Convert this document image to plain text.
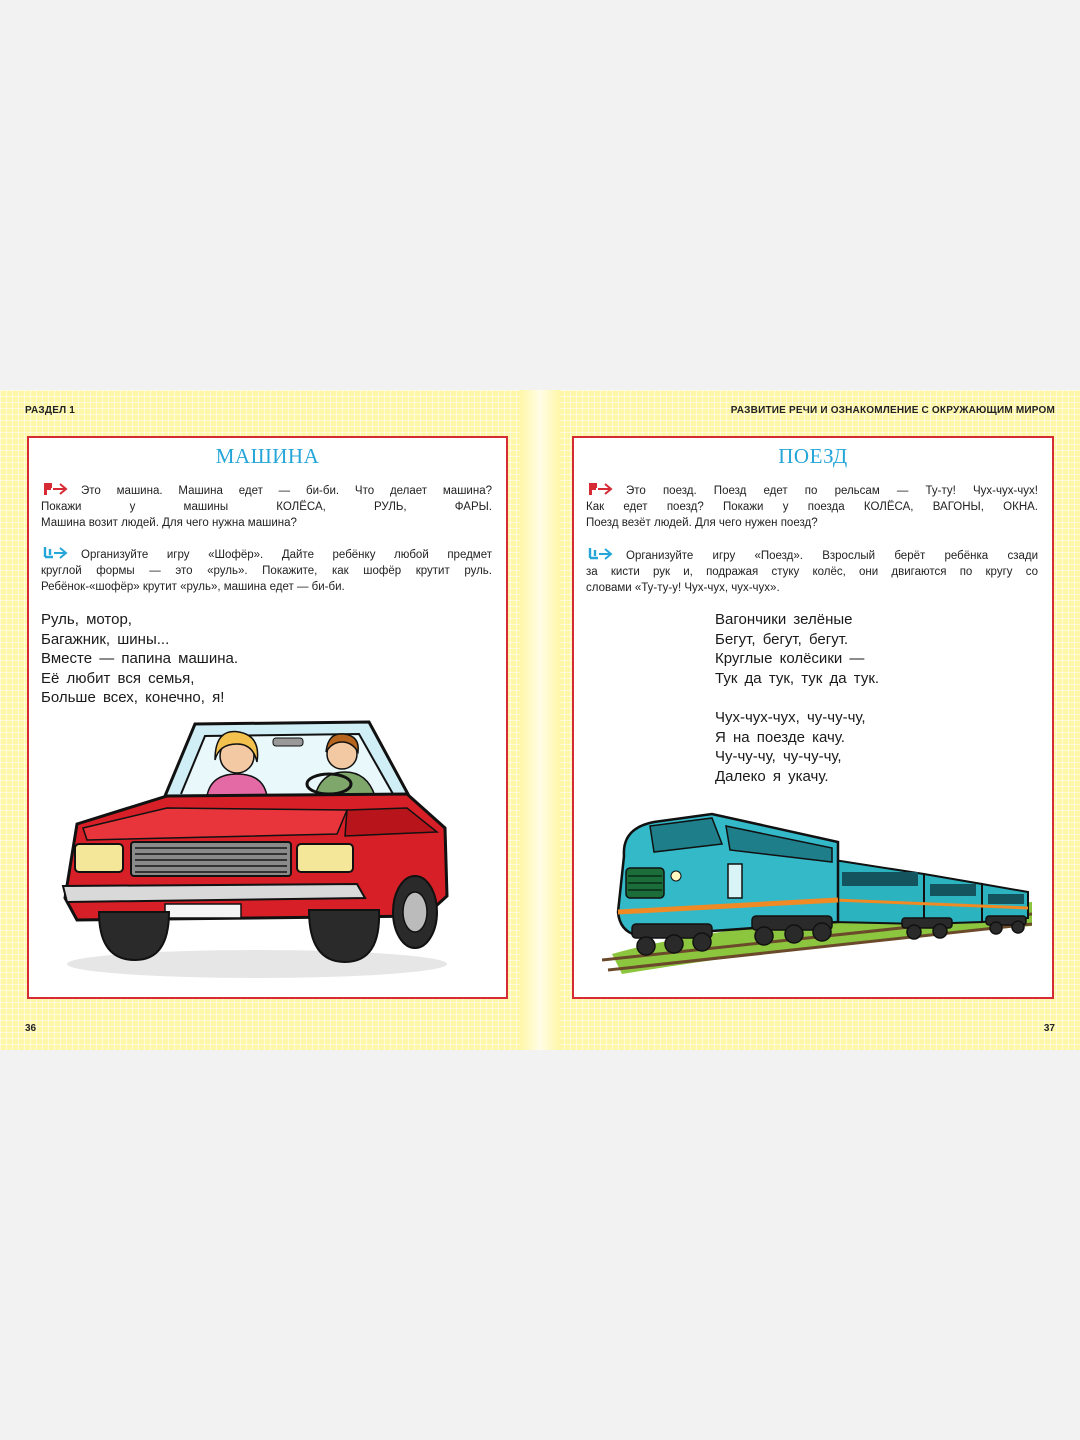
РАЗДЕЛ 1	РАЗВИТИЕ РЕЧИ И ОЗНАКОМЛЕНИЕ С ОКРУЖАЮЩИМ МИРОМ
МАШИНА
Это машина. Машина едет — би-би. Что делает машина?
Покажи у машины КОЛЁСА, РУЛЬ, ФАРЫ.
Машина возит людей. Для чего нужна машина?
Организуйте игру «Шофёр». Дайте ребёнку любой предмет
круглой формы — это «руль». Покажите, как шофёр крутит руль.
Ребёнок-«шофёр» крутит «руль», машина едет — би-би.
Руль, мотор,
Багажник, шины...
Вместе — папина машина.
Её любит вся семья,
Больше всех, конечно, я!
36
ПОЕЗД
Это поезд. Поезд едет по рельсам — Ту-ту! Чух-чух-чух!
Как едет поезд? Покажи у поезда КОЛЁСА, ВАГОНЫ, ОКНА.
Поезд везёт людей. Для чего нужен поезд?
Организуйте игру «Поезд». Взрослый берёт ребёнка сзади
за кисти рук и, подражая стуку колёс, они двигаются по кругу со
словами «Ту-ту-у! Чух-чух, чух-чух».
Вагончики зелёные
Бегут, бегут, бегут.
Круглые колёсики —
Тук да тук, тук да тук.
Чух-чух-чух, чу-чу-чу,
Я на поезде качу.
Чу-чу-чу, чу-чу-чу,
Далеко я укачу.
37
